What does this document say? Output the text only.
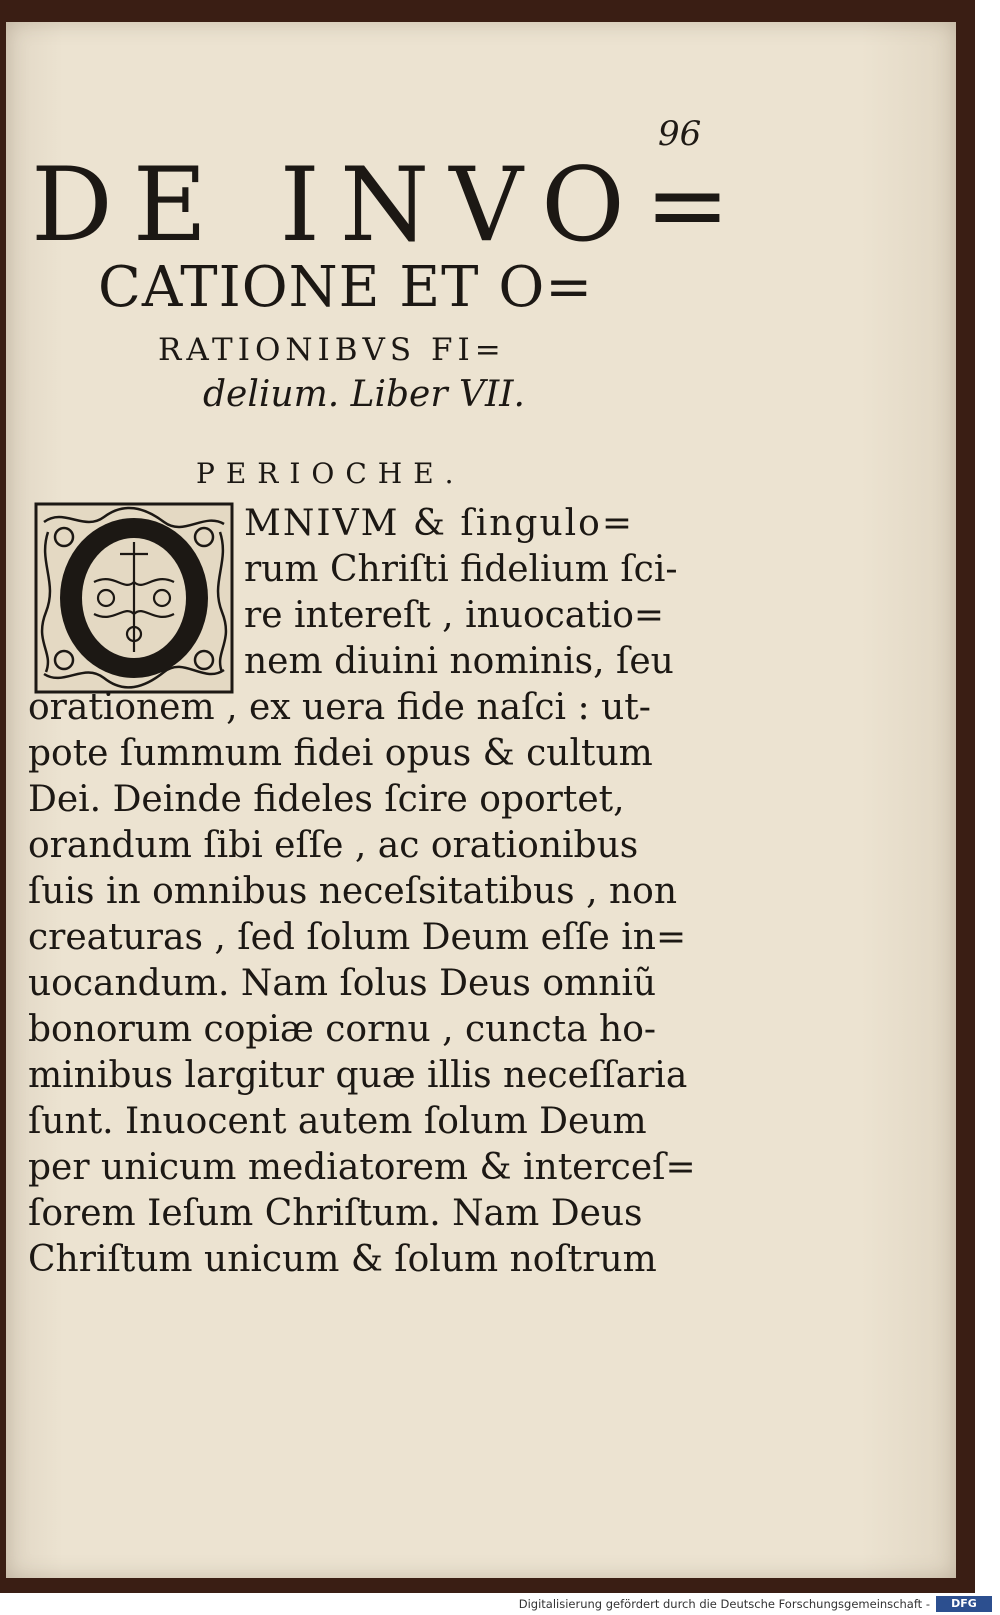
96
DE INVO=
CATIONE ET O=
RATIONIBVS FI=
delium. Liber VII.
PERIOCHE.
MNIVM & ſingulo=
rum Chriſti fidelium ſci-
re intereſt , inuocatio=
nem diuini nominis, ſeu
orationem , ex uera fide naſci : ut-
pote ſummum fidei opus & cultum
Dei. Deinde fideles ſcire oportet,
orandum ſibi eſſe , ac orationibus
ſuis in omnibus neceſsitatibus , non
creaturas , ſed ſolum Deum eſſe in=
uocandum. Nam ſolus Deus omniũ
bonorum copiæ cornu , cuncta ho-
minibus largitur quæ illis neceſſaria
ſunt. Inuocent autem ſolum Deum
per unicum mediatorem & interceſ=
ſorem Ieſum Chriſtum. Nam Deus
Chriſtum unicum & ſolum noſtrum
Digitalisierung gefördert durch die Deutsche Forschungsgemeinschaft -	DFG
